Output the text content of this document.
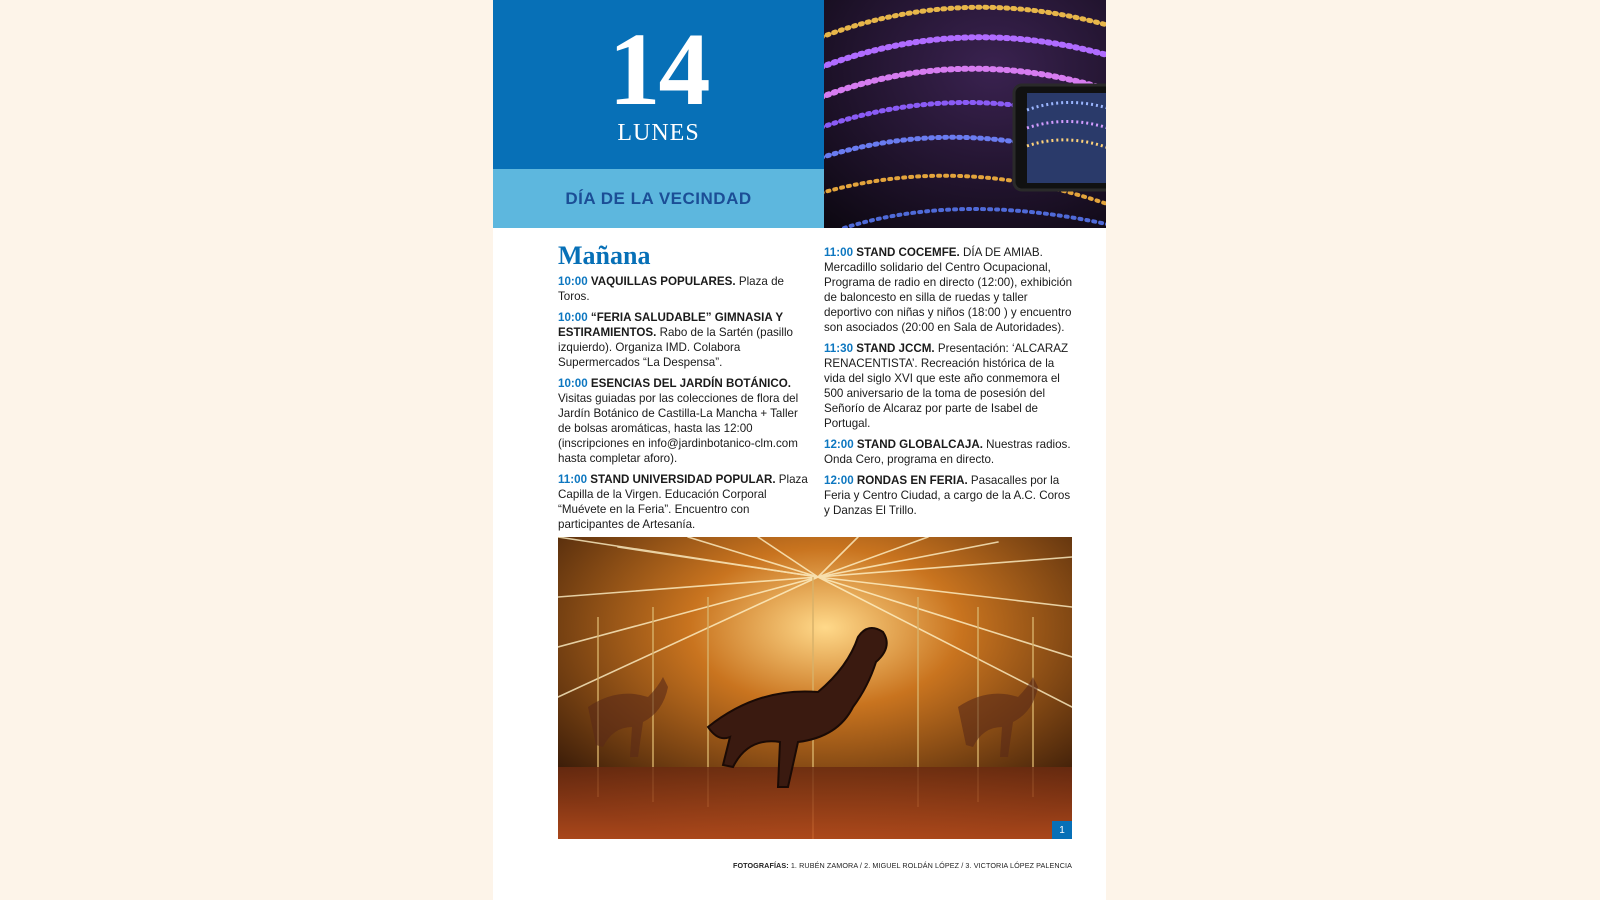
14
LUNES
DÍA DE LA VECINDAD
Mañana
10:00 VAQUILLAS POPULARES. Plaza de Toros.
10:00 “FERIA SALUDABLE” GIMNASIA Y ESTIRAMIENTOS. Rabo de la Sartén (pasillo izquierdo). Organiza IMD. Colabora Supermercados “La Despensa”.
10:00 ESENCIAS DEL JARDÍN BOTÁNICO. Visitas guiadas por las colecciones de flora del Jardín Botánico de Castilla-La Mancha + Taller de bolsas aromáticas, hasta las 12:00 (inscripciones en info@jardinbotanico-clm.com hasta completar aforo).
11:00 STAND UNIVERSIDAD POPULAR. Plaza Capilla de la Virgen. Educación Corporal “Muévete en la Feria”. Encuentro con participantes de Artesanía.
11:00 STAND COCEMFE. DÍA DE AMIAB. Mercadillo solidario del Centro Ocupacional, Programa de radio en directo (12:00), exhibición de baloncesto en silla de ruedas y taller deportivo con niñas y niños (18:00 ) y encuentro son asociados (20:00 en Sala de Autoridades).
11:30 STAND JCCM. Presentación: ‘ALCARAZ RENACENTISTA’. Recreación histórica de la vida del siglo XVI que este año conmemora el 500 aniversario de la toma de posesión del Señorío de Alcaraz por parte de Isabel de Portugal.
12:00 STAND GLOBALCAJA. Nuestras radios. Onda Cero, programa en directo.
12:00 RONDAS EN FERIA. Pasacalles por la Feria y Centro Ciudad, a cargo de la A.C. Coros y Danzas El Trillo.
1
FOTOGRAFÍAS: 1. RUBÉN ZAMORA / 2. MIGUEL ROLDÁN LÓPEZ / 3. VICTORIA LÓPEZ PALENCIA
